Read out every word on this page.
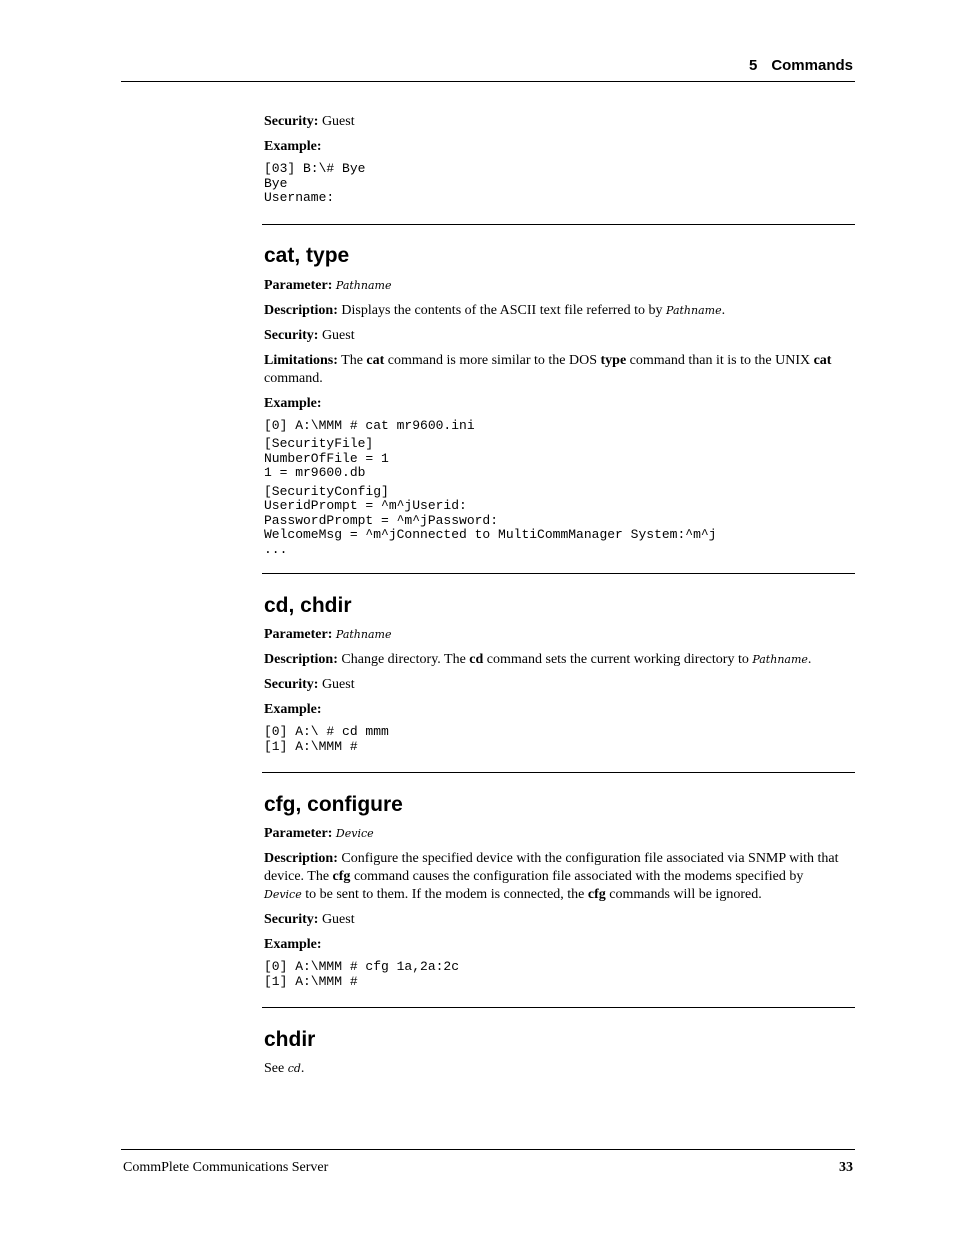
5 Commands

Security: Guest

Example:

[03] B:\# Bye
Bye
Username:
cat, type

Parameter: Pathname

Description: Displays the contents of the ASCII text file referred to by Pathname.

Security: Guest

Limitations: The cat command is more similar to the DOS type command than it is to the UNIX cat
command.

Example:

[0] A:\MMM # cat mr9600.ini
[SecurityFile]
NumberOfFile = 1
1 = mr9600.db
[SecurityConfig]
UseridPrompt = ^m^jUserid:
PasswordPrompt = ^m^jPassword:
WelcomeMsg = ^m^jConnected to MultiCommManager System:^m^j
...
cd, chdir

Parameter: Pathname

Description: Change directory. The cd command sets the current working directory to Pathname.

Security: Guest

Example:

[0] A:\ # cd mmm
[1] A:\MMM #
cfg, configure

Parameter: Device

Description: Configure the specified device with the configuration file associated via SNMP with that device. The cfg command causes the configuration file associated with the modems specified by Device to be sent to them. If the modem is connected, the cfg commands will be ignored.

Security: Guest

Example:

[0] A:\MMM # cfg 1a,2a:2c
[1] A:\MMM #
chdir

See cd.

CommPlete Communications Server	33
